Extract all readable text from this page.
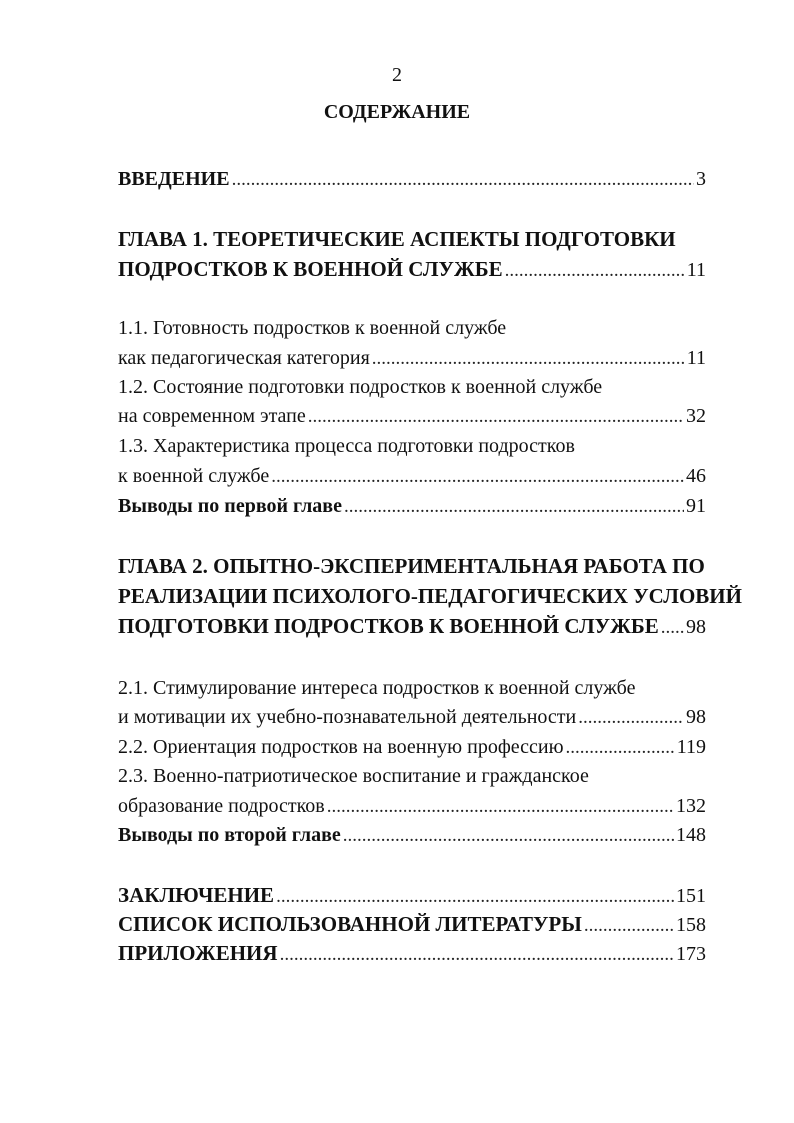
2
СОДЕРЖАНИЕ
ВВЕДЕНИЕ .....	3
ГЛАВА 1. ТЕОРЕТИЧЕСКИЕ АСПЕКТЫ ПОДГОТОВКИ
ПОДРОСТКОВ К ВОЕННОЙ СЛУЖБЕ .....	11
1.1. Готовность подростков к военной службе
как педагогическая категория .....	11
1.2. Состояние подготовки подростков к военной службе
на современном этапе .....	32
1.3. Характеристика процесса подготовки подростков
к военной службе .....	46
Выводы по первой главе .....	91
ГЛАВА 2. ОПЫТНО-ЭКСПЕРИМЕНТАЛЬНАЯ РАБОТА ПО
РЕАЛИЗАЦИИ ПСИХОЛОГО-ПЕДАГОГИЧЕСКИХ УСЛОВИЙ
ПОДГОТОВКИ ПОДРОСТКОВ К ВОЕННОЙ СЛУЖБЕ ..... 98
2.1. Стимулирование интереса подростков к военной службе
и мотивации их учебно-познавательной деятельности .....	98
2.2. Ориентация подростков на военную профессию .....	119
2.3. Военно-патриотическое воспитание и гражданское
образование подростков .....	132
Выводы по второй главе .....	148
ЗАКЛЮЧЕНИЕ .....	151
СПИСОК ИСПОЛЬЗОВАННОЙ ЛИТЕРАТУРЫ .....	158
ПРИЛОЖЕНИЯ .....	173
